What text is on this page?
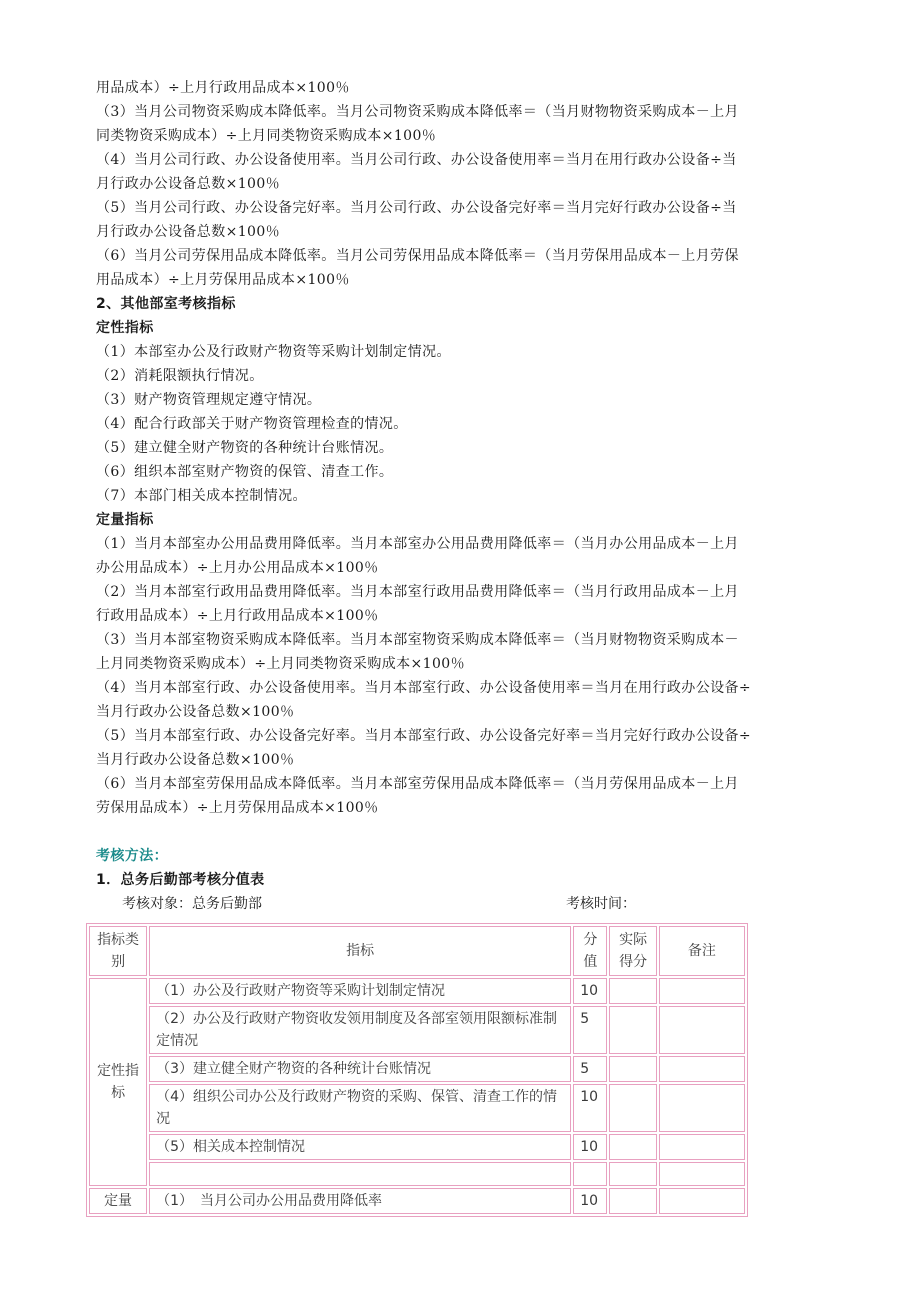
用品成本）÷上月行政用品成本×100％
（3）当月公司物资采购成本降低率。当月公司物资采购成本降低率＝（当月财物物资采购成本－上月
同类物资采购成本）÷上月同类物资采购成本×100％
（4）当月公司行政、办公设备使用率。当月公司行政、办公设备使用率＝当月在用行政办公设备÷当
月行政办公设备总数×100％
（5）当月公司行政、办公设备完好率。当月公司行政、办公设备完好率＝当月完好行政办公设备÷当
月行政办公设备总数×100％
（6）当月公司劳保用品成本降低率。当月公司劳保用品成本降低率＝（当月劳保用品成本－上月劳保
用品成本）÷上月劳保用品成本×100％
2、其他部室考核指标
定性指标
（1）本部室办公及行政财产物资等采购计划制定情况。
（2）消耗限额执行情况。
（3）财产物资管理规定遵守情况。
（4）配合行政部关于财产物资管理检查的情况。
（5）建立健全财产物资的各种统计台账情况。
（6）组织本部室财产物资的保管、清查工作。
（7）本部门相关成本控制情况。
定量指标
（1）当月本部室办公用品费用降低率。当月本部室办公用品费用降低率＝（当月办公用品成本－上月
办公用品成本）÷上月办公用品成本×100％
（2）当月本部室行政用品费用降低率。当月本部室行政用品费用降低率＝（当月行政用品成本－上月
行政用品成本）÷上月行政用品成本×100％
（3）当月本部室物资采购成本降低率。当月本部室物资采购成本降低率＝（当月财物物资采购成本－
上月同类物资采购成本）÷上月同类物资采购成本×100％
（4）当月本部室行政、办公设备使用率。当月本部室行政、办公设备使用率＝当月在用行政办公设备÷
当月行政办公设备总数×100％
（5）当月本部室行政、办公设备完好率。当月本部室行政、办公设备完好率＝当月完好行政办公设备÷
当月行政办公设备总数×100％
（6）当月本部室劳保用品成本降低率。当月本部室劳保用品成本降低率＝（当月劳保用品成本－上月
劳保用品成本）÷上月劳保用品成本×100％
考核方法：
1．总务后勤部考核分值表
考核对象：总务后勤部	考核时间：
指标类别	指标	分值	实际得分	备注
定性指标	（1）办公及行政财产物资等采购计划制定情况	10		
	（2）办公及行政财产物资收发领用制度及各部室领用限额标准制定情况	5		
	（3）建立健全财产物资的各种统计台账情况	5		
	（4）组织公司办公及行政财产物资的采购、保管、清查工作的情况	10		
	（5）相关成本控制情况	10		

定量	（1）　当月公司办公用品费用降低率	10		
